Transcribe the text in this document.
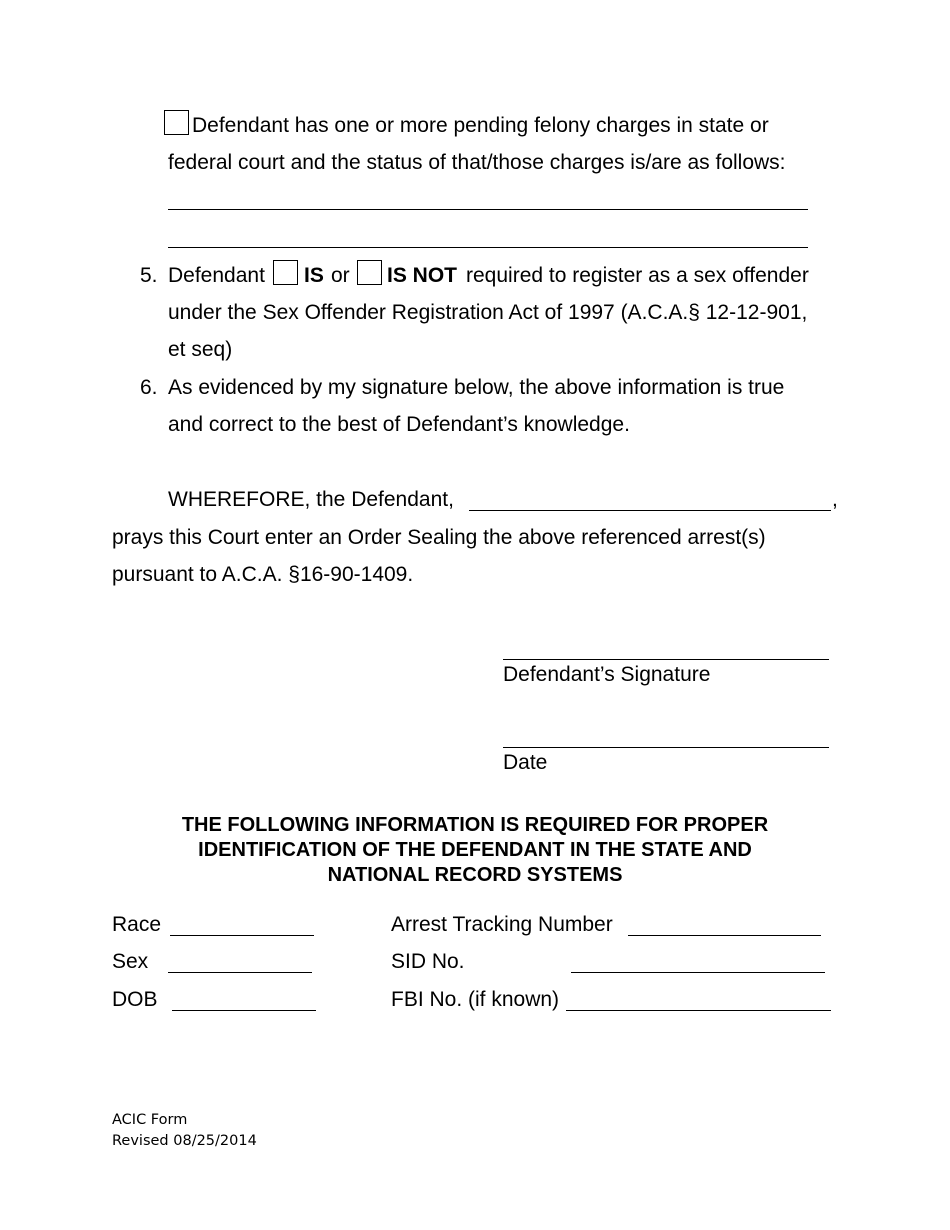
Defendant has one or more pending felony charges in state or
federal court and the status of that/those charges is/are as follows:
5. Defendant IS or IS NOT required to register as a sex offender
under the Sex Offender Registration Act of 1997 (A.C.A.§ 12-12-901,
et seq)
6. As evidenced by my signature below, the above information is true
and correct to the best of Defendant’s knowledge.
WHEREFORE, the Defendant,	,
prays this Court enter an Order Sealing the above referenced arrest(s)
pursuant to A.C.A. §16-90-1409.
Defendant’s Signature
Date
THE FOLLOWING INFORMATION IS REQUIRED FOR PROPER
IDENTIFICATION OF THE DEFENDANT IN THE STATE AND
NATIONAL RECORD SYSTEMS
Race
Sex
DOB
Arrest Tracking Number
SID No.
FBI No. (if known)
ACIC Form
Revised 08/25/2014
